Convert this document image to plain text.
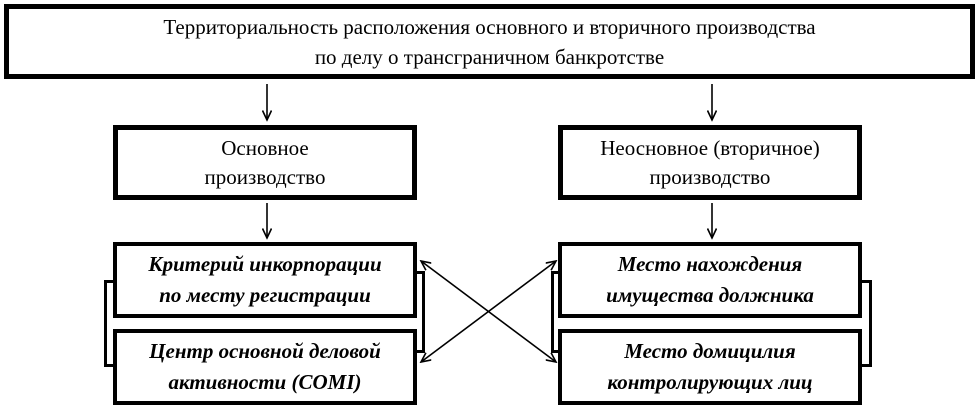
Территориальность расположения основного и вторичного производства
по делу о трансграничном банкротстве
Основное
производство
Неосновное (вторичное)
производство
Критерий инкорпорации
по месту регистрации
Центр основной деловой
активности (COMI)
Место нахождения
имущества должника
Место домицилия
контролирующих лиц
